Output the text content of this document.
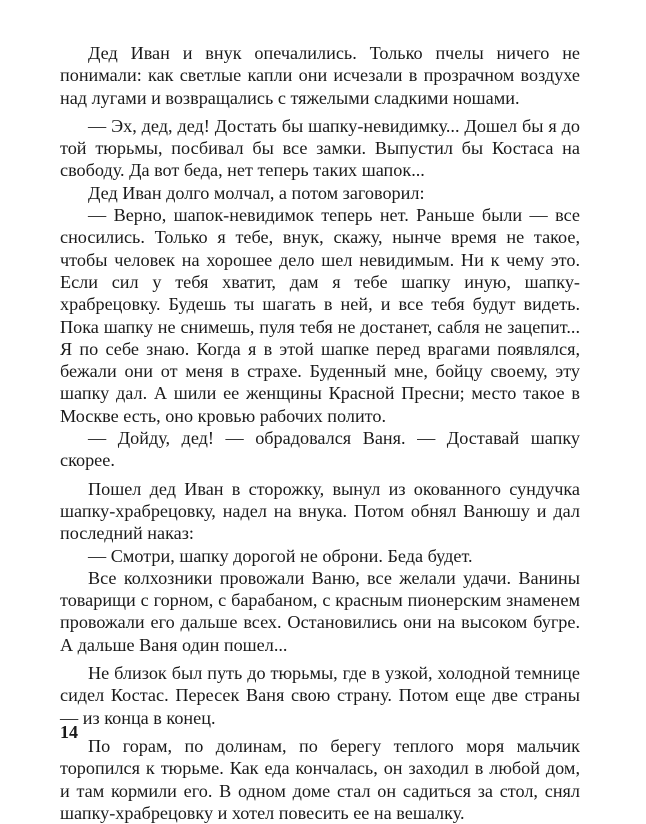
Дед Иван и внук опечалились. Только пчелы ничего не понимали: как светлые капли они исчезали в прозрачном воздухе над лугами и возвращались с тяжелыми сладкими ношами.

— Эх, дед, дед! Достать бы шапку-невидимку... Дошел бы я до той тюрьмы, посбивал бы все замки. Выпустил бы Костаса на свободу. Да вот беда, нет теперь таких шапок...

Дед Иван долго молчал, а потом заговорил:

— Верно, шапок-невидимок теперь нет. Раньше были — все сносились. Только я тебе, внук, скажу, нынче время не такое, чтобы человек на хорошее дело шел невидимым. Ни к чему это. Если сил у тебя хватит, дам я тебе шапку иную, шапку-храбрецовку. Будешь ты шагать в ней, и все тебя будут видеть. Пока шапку не снимешь, пуля тебя не достанет, сабля не зацепит... Я по себе знаю. Когда я в этой шапке перед врагами появлялся, бежали они от меня в страхе. Буденный мне, бойцу своему, эту шапку дал. А шили ее женщины Красной Пресни; место такое в Москве есть, оно кровью рабочих полито.

— Дойду, дед! — обрадовался Ваня. — Доставай шапку скорее.

Пошел дед Иван в сторожку, вынул из окованного сундучка шапку-храбрецовку, надел на внука. Потом обнял Ванюшу и дал последний наказ:

— Смотри, шапку дорогой не оброни. Беда будет.

Все колхозники провожали Ваню, все желали удачи. Ванины товарищи с горном, с барабаном, с красным пионерским знаменем провожали его дальше всех. Остановились они на высоком бугре. А дальше Ваня один пошел...

Не близок был путь до тюрьмы, где в узкой, холодной темнице сидел Костас. Пересек Ваня свою страну. Потом еще две страны — из конца в конец.

По горам, по долинам, по берегу теплого моря мальчик торопился к тюрьме. Как еда кончалась, он заходил в любой дом, и там кормили его. В одном доме стал он садиться за стол, снял шапку-храбрецовку и хотел повесить ее на вешалку.

14
